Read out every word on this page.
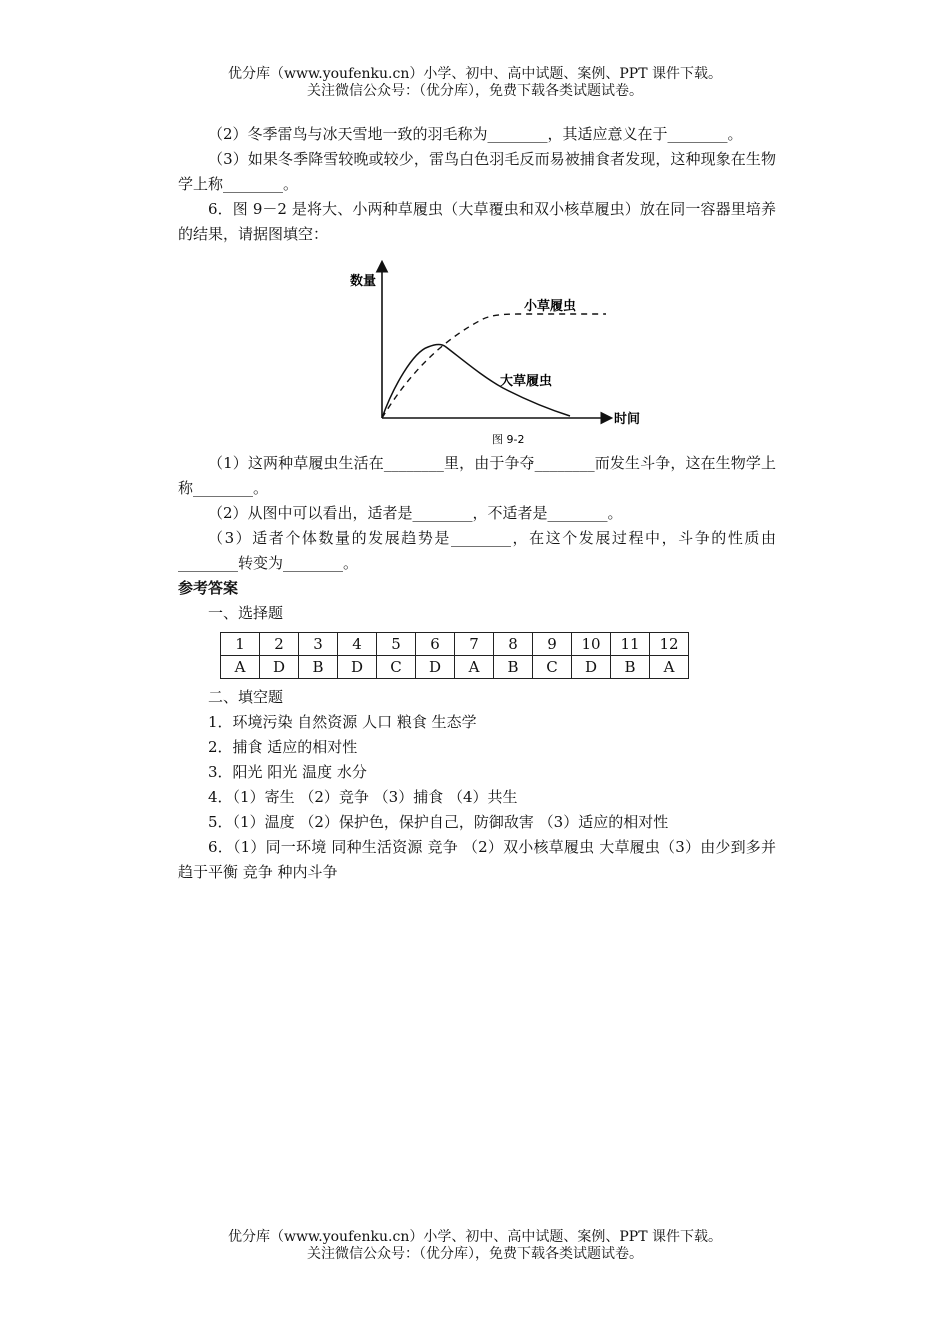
优分库（www.youfenku.cn）小学、初中、高中试题、案例、PPT 课件下载。
关注微信公众号：（优分库），免费下载各类试题试卷。

（2）冬季雷鸟与冰天雪地一致的羽毛称为________，其适应意义在于________。

（3）如果冬季降雪较晚或较少，雷鸟白色羽毛反而易被捕食者发现，这种现象在生物学上称________。

6．图 9－2 是将大、小两种草履虫（大草覆虫和双小核草履虫）放在同一容器里培养的结果，请据图填空：

数量
时间
小草履虫
大草履虫
图 9-2

（1）这两种草履虫生活在________里，由于争夺________而发生斗争，这在生物学上称________。

（2）从图中可以看出，适者是________，不适者是________。

（3）适者个体数量的发展趋势是________，在这个发展过程中，斗争的性质由________转变为________。

参考答案

一、选择题

1	2	3	4	5	6	7	8	9	10	11	12
A	D	B	D	C	D	A	B	C	D	B	A

二、填空题

1．环境污染 自然资源 人口 粮食 生态学

2．捕食 适应的相对性

3．阳光 阳光 温度 水分

4．（1）寄生 （2）竞争 （3）捕食 （4）共生

5．（1）温度 （2）保护色，保护自己，防御敌害 （3）适应的相对性

6．（1）同一环境 同种生活资源 竞争 （2）双小核草履虫 大草履虫（3）由少到多并趋于平衡 竞争 种内斗争

优分库（www.youfenku.cn）小学、初中、高中试题、案例、PPT 课件下载。
关注微信公众号：（优分库），免费下载各类试题试卷。
